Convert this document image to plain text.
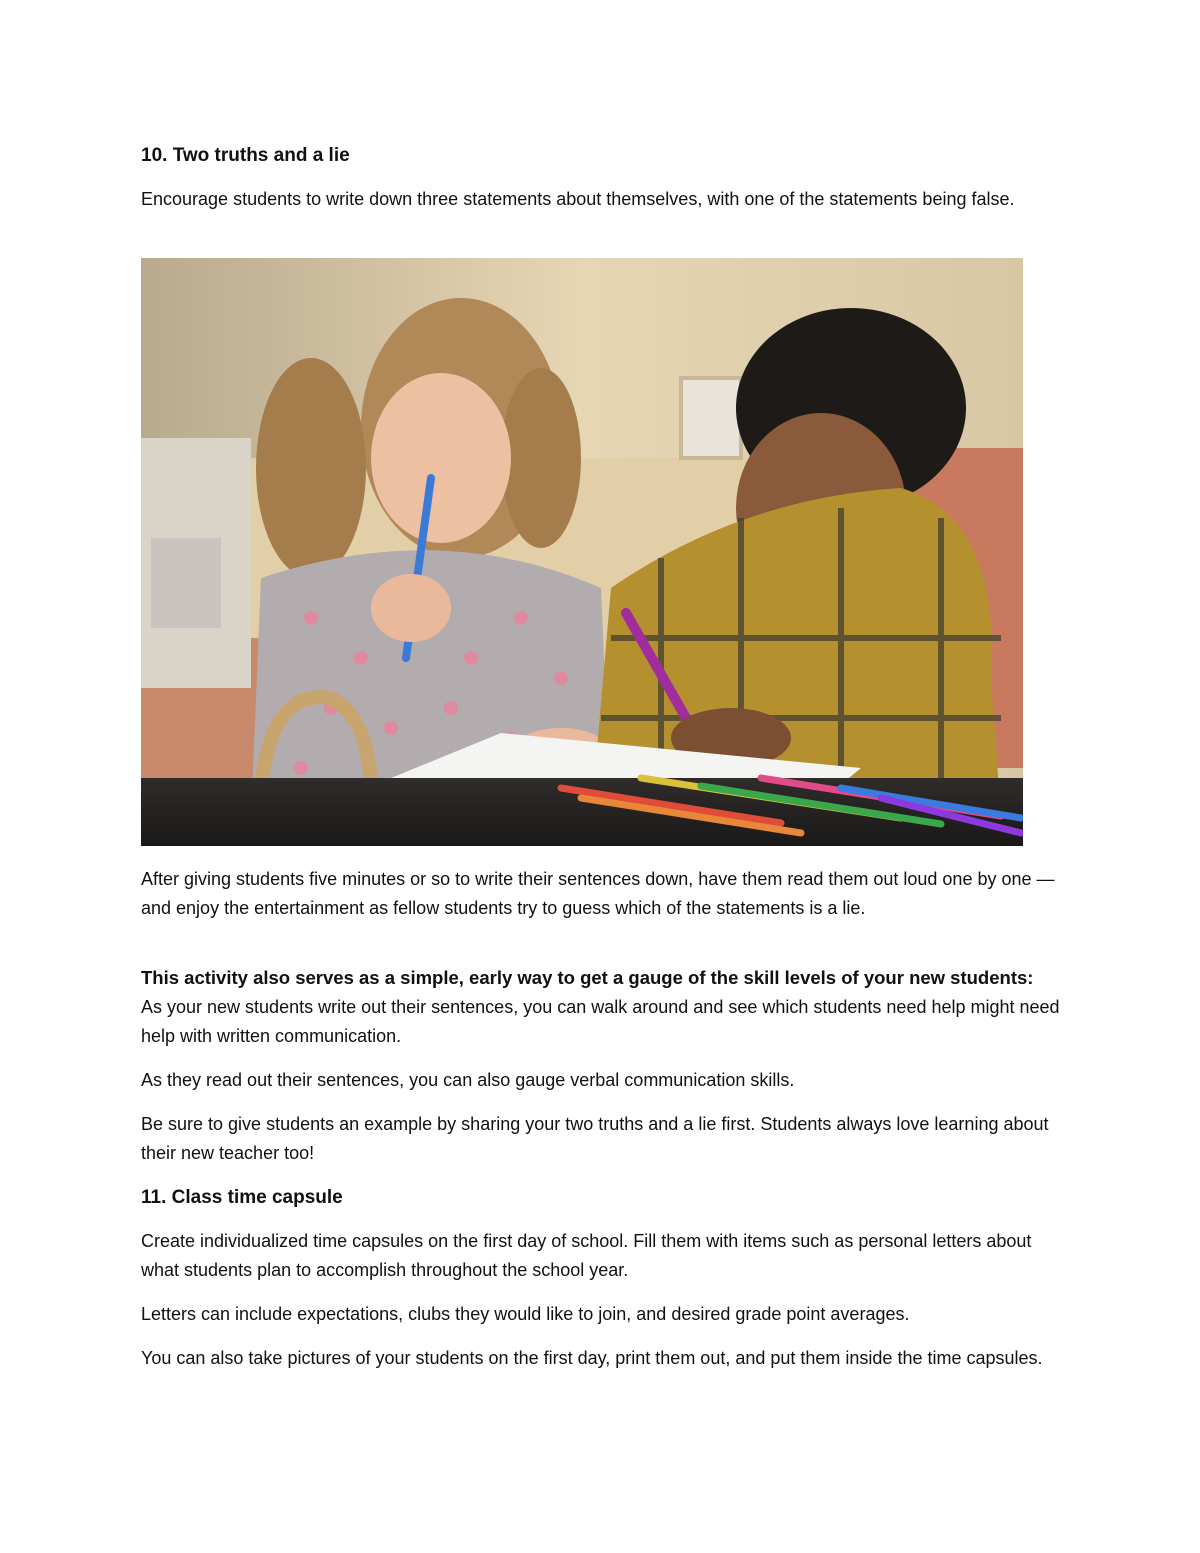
10. Two truths and a lie

Encourage students to write down three statements about themselves, with one of the statements being false.

After giving students five minutes or so to write their sentences down, have them read them out loud one by one — and enjoy the entertainment as fellow students try to guess which of the statements is a lie.

This activity also serves as a simple, early way to get a gauge of the skill levels of your new students:

As your new students write out their sentences, you can walk around and see which students need help might need help with written communication.

As they read out their sentences, you can also gauge verbal communication skills.

Be sure to give students an example by sharing your two truths and a lie first. Students always love learning about their new teacher too!

11. Class time capsule

Create individualized time capsules on the first day of school. Fill them with items such as personal letters about what students plan to accomplish throughout the school year.

Letters can include expectations, clubs they would like to join, and desired grade point averages.

You can also take pictures of your students on the first day, print them out, and put them inside the time capsules.
